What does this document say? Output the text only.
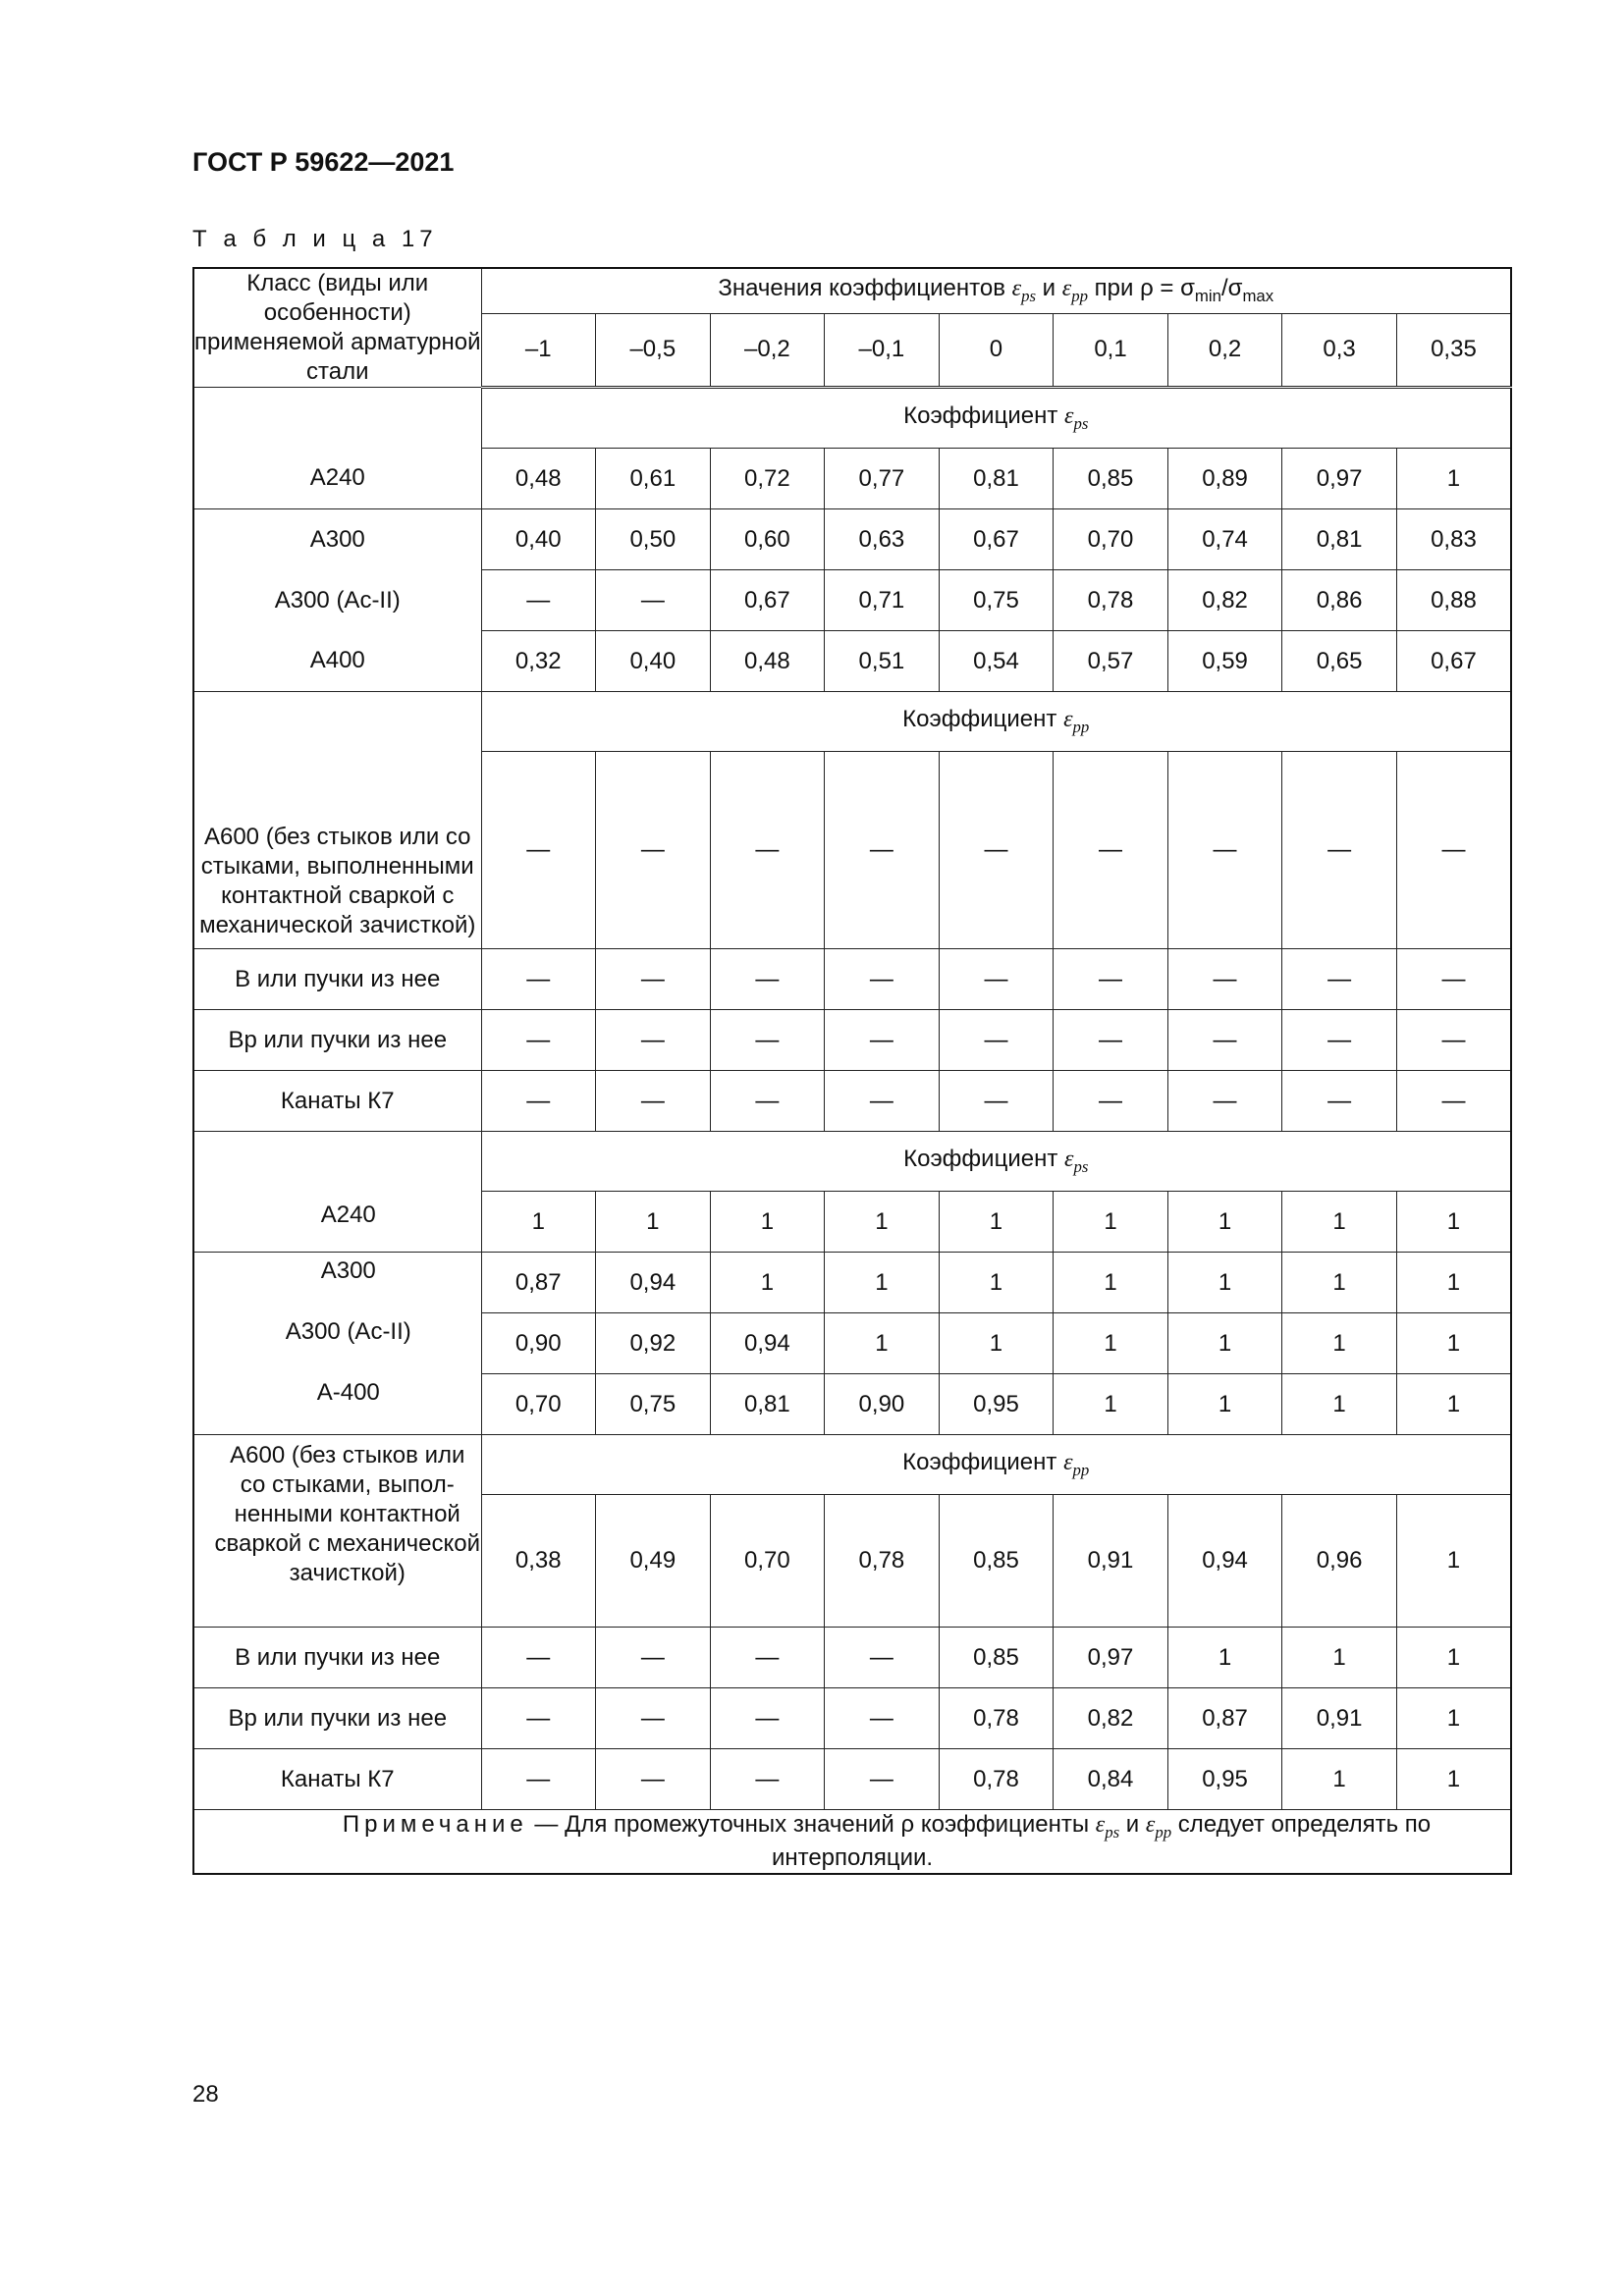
ГОСТ Р 59622—2021
Т а б л и ц а 17
Класс (виды или особенности) применяемой арматурной стали	Значения коэффициентов $\varepsilon_{ps}$ и $\varepsilon_{pp}$ при $\rho = \sigma_{min}/\sigma_{max}$
	–1	–0,5	–0,2	–0,1	0	0,1	0,2	0,3	0,35
А240	Коэффициент $\varepsilon_{ps}$
	0,48	0,61	0,72	0,77	0,81	0,85	0,89	0,97	1
А300	0,40	0,50	0,60	0,63	0,67	0,70	0,74	0,81	0,83
А300 (Ас-II)	—	—	0,67	0,71	0,75	0,78	0,82	0,86	0,88
А400	0,32	0,40	0,48	0,51	0,54	0,57	0,59	0,65	0,67
А600 (без стыков или со стыками, выполненными контактной сваркой с механической зачисткой)	Коэффициент $\varepsilon_{pp}$
	—	—	—	—	—	—	—	—	—
В или пучки из нее	—	—	—	—	—	—	—	—	—
Вр или пучки из нее	—	—	—	—	—	—	—	—	—
Канаты К7	—	—	—	—	—	—	—	—	—
А240	Коэффициент $\varepsilon_{ps}$
	1	1	1	1	1	1	1	1	1
А300	0,87	0,94	1	1	1	1	1	1	1
А300 (Ас-II)	0,90	0,92	0,94	1	1	1	1	1	1
А-400	0,70	0,75	0,81	0,90	0,95	1	1	1	1
А600 (без стыков или со стыками, выпол-ненными контактной сваркой с механической зачисткой)	Коэффициент $\varepsilon_{pp}$
	0,38	0,49	0,70	0,78	0,85	0,91	0,94	0,96	1
В или пучки из нее	—	—	—	—	0,85	0,97	1	1	1
Вр или пучки из нее	—	—	—	—	0,78	0,82	0,87	0,91	1
Канаты К7	—	—	—	—	0,78	0,84	0,95	1	1
Примечание — Для промежуточных значений ρ коэффициенты $\varepsilon_{ps}$ и $\varepsilon_{pp}$ следует определять по интерполяции.									
28
